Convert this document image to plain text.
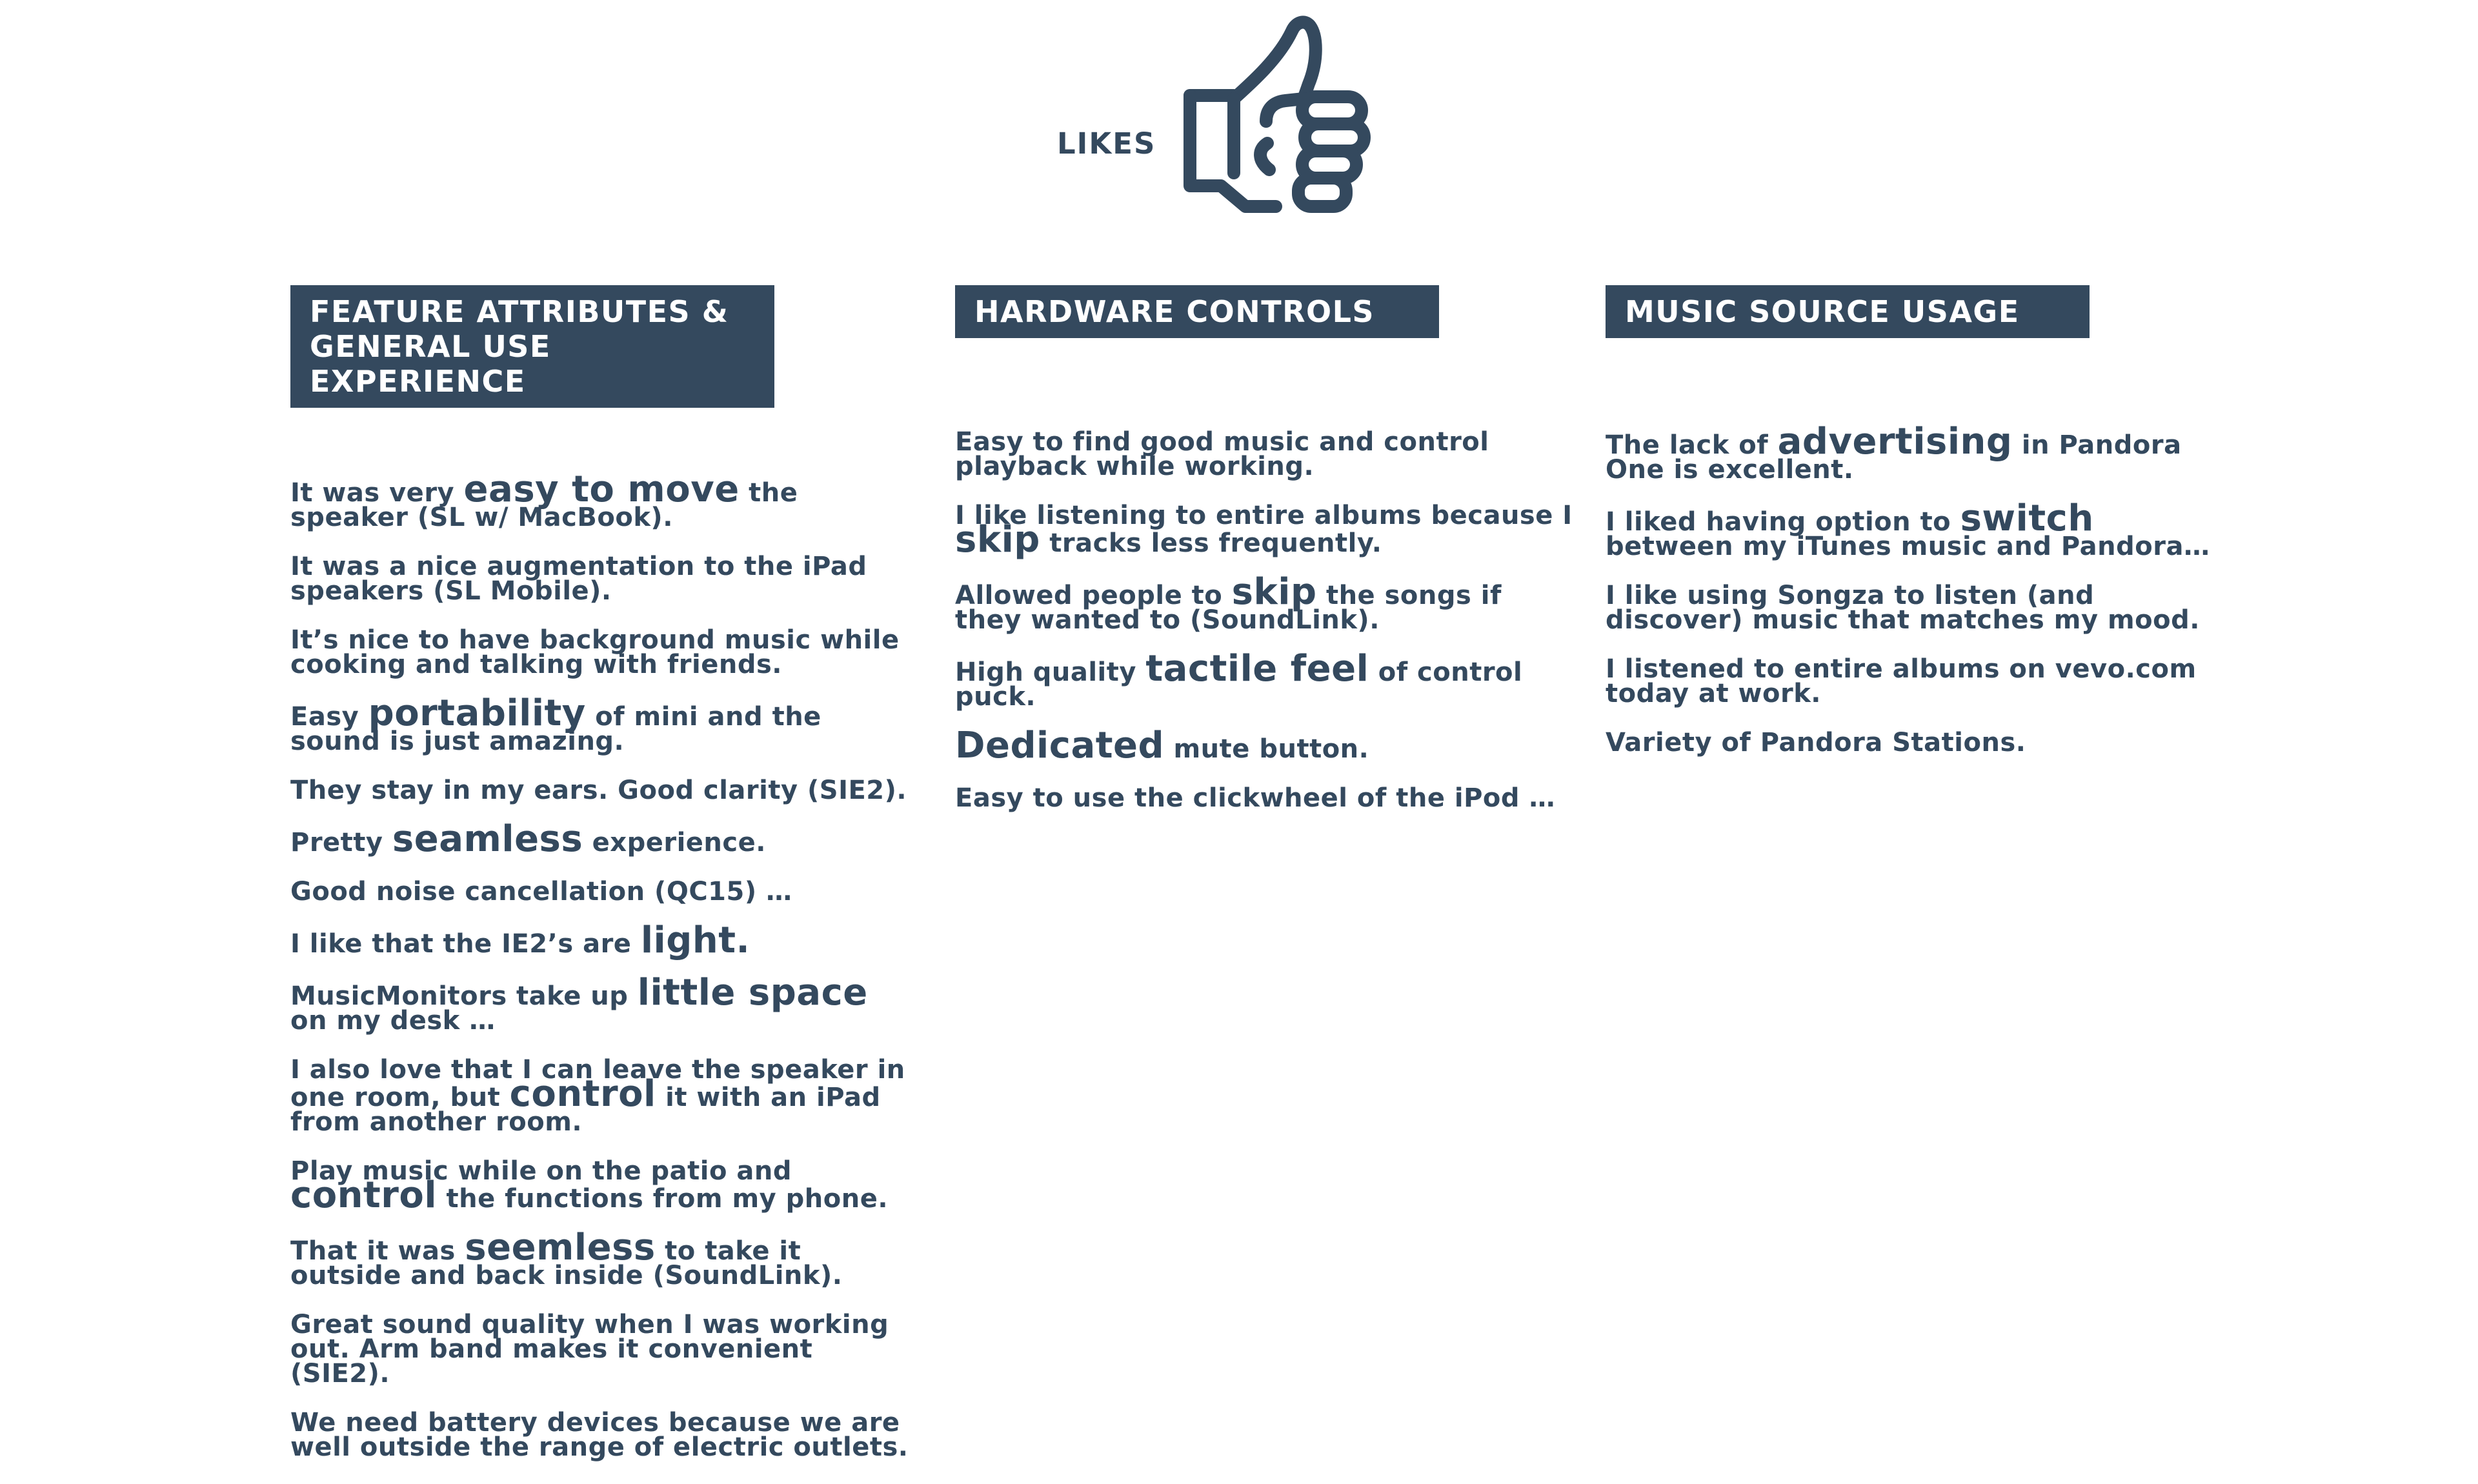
LIKES
FEATURE ATTRIBUTES &
GENERAL USE EXPERIENCE
It was very easy to move the speaker (SL w/ MacBook).
It was a nice augmentation to the iPad speakers (SL Mobile).
It’s nice to have background music while cooking and talking with friends.
Easy portability of mini and the sound is just amazing.
They stay in my ears. Good clarity (SIE2).
Pretty seamless experience.
Good noise cancellation (QC15) …
I like that the IE2’s are light.
MusicMonitors take up little space on my desk …
I also love that I can leave the speaker in one room, but control it with an iPad from another room.
Play music while on the patio and control the functions from my phone.
That it was seemless to take it outside and back inside (SoundLink).
Great sound quality when I was working out. Arm band makes it convenient (SIE2).
We need battery devices because we are well outside the range of electric outlets.
HARDWARE CONTROLS
Easy to find good music and control playback while working.
I like listening to entire albums because I skip tracks less frequently.
Allowed people to skip the songs if they wanted to (SoundLink).
High quality tactile feel of control puck.
Dedicated mute button.
Easy to use the clickwheel of the iPod …
MUSIC SOURCE USAGE
The lack of advertising in Pandora One is excellent.
I liked having option to switch between my iTunes music and Pandora…
I like using Songza to listen (and discover) music that matches my mood.
I listened to entire albums on vevo.com today at work.
Variety of Pandora Stations.
